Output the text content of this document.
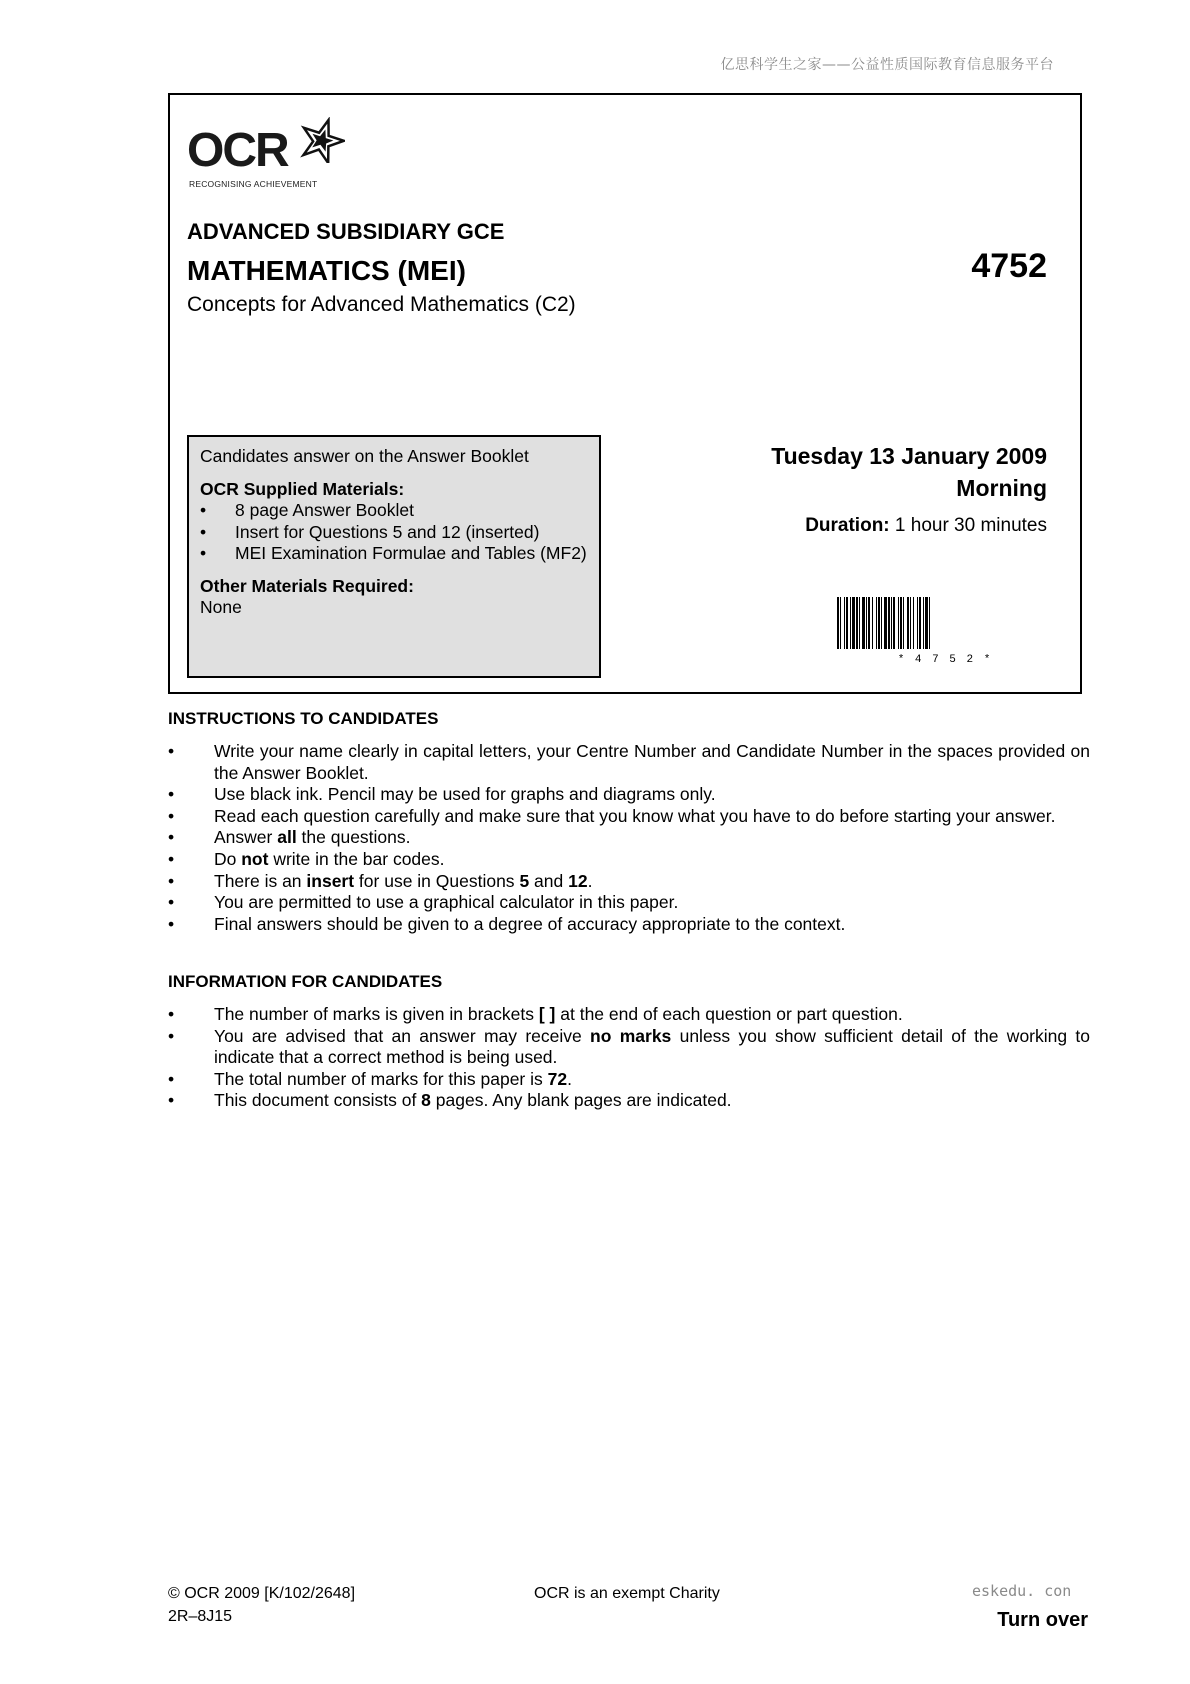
亿思科学生之家——公益性质国际教育信息服务平台
OCR
RECOGNISING ACHIEVEMENT
ADVANCED SUBSIDIARY GCE
MATHEMATICS (MEI)
Concepts for Advanced Mathematics (C2)
4752
Candidates answer on the Answer Booklet
OCR Supplied Materials:
•	8 page Answer Booklet
•	Insert for Questions 5 and 12 (inserted)
•	MEI Examination Formulae and Tables (MF2)
Other Materials Required:
None
Tuesday 13 January 2009
Morning
Duration: 1 hour 30 minutes
* 4 7 5 2 *
INSTRUCTIONS TO CANDIDATES
•	Write your name clearly in capital letters, your Centre Number and Candidate Number in the spaces provided on the Answer Booklet.
•	Use black ink. Pencil may be used for graphs and diagrams only.
•	Read each question carefully and make sure that you know what you have to do before starting your answer.
•	Answer all the questions.
•	Do not write in the bar codes.
•	There is an insert for use in Questions 5 and 12.
•	You are permitted to use a graphical calculator in this paper.
•	Final answers should be given to a degree of accuracy appropriate to the context.
INFORMATION FOR CANDIDATES
•	The number of marks is given in brackets [ ] at the end of each question or part question.
•	You are advised that an answer may receive no marks unless you show sufficient detail of the working to indicate that a correct method is being used.
•	The total number of marks for this paper is 72.
•	This document consists of 8 pages. Any blank pages are indicated.
© OCR 2009 [K/102/2648]
2R–8J15
OCR is an exempt Charity	eskedu. con
Turn over
